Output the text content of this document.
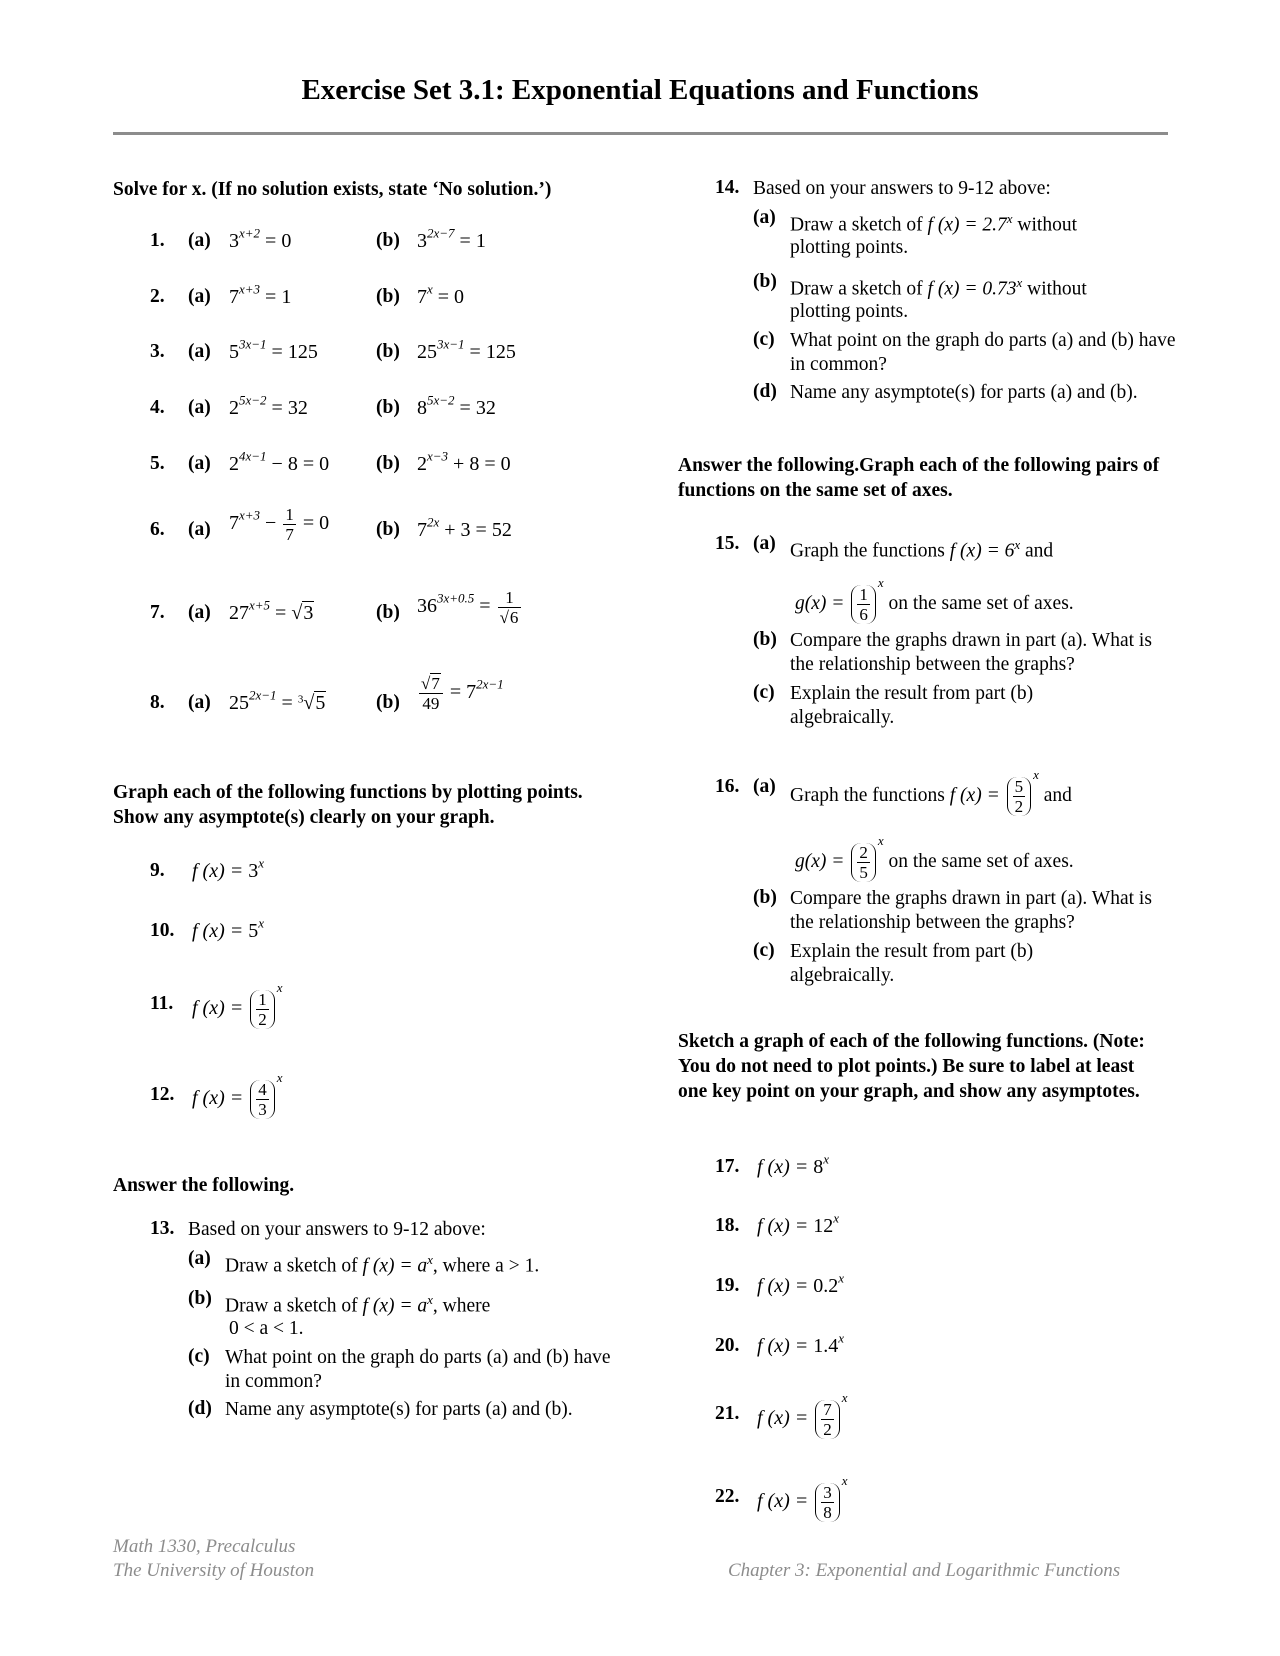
Exercise Set 3.1: Exponential Equations and Functions
Solve for x. (If no solution exists, state ‘No solution.’)
1. (a) $3^{x+2} = 0$	(b) $3^{2x-7} = 1$
2. (a) $7^{x+3} = 1$	(b) $7^x = 0$
3. (a) $5^{3x-1} = 125$	(b) $25^{3x-1} = 125$
4. (a) $2^{5x-2} = 32$	(b) $8^{5x-2} = 32$
5. (a) $2^{4x-1} - 8 = 0$ (b) $2^{x-3} + 8 = 0$
6. (a) $7^{x+3} - \frac{1}{7} = 0$ (b) $7^{2x} + 3 = 52$
7. (a) $27^{x+5} = √3$	(b) $36^{3x+0.5} = \frac{1}{√6}$
8. (a) $25^{2x-1} = ^3√5$	$(b) \frac{√7}{49} = 7^{2x-1}$
Graph each of the following functions by plotting points. Show any asymptote(s) clearly on your graph.
9. f $(x) = 3^x$
10. f $(x) = 5^x$
11. f $(x) = \frac{1}{2}$
$^x$
12. f $(x) = \frac{4}{3}$
$^x$
Answer the following.
13. Based on your answers to 9-12 above:
(a) Draw a sketch of f $(x) = a^x$, where a > 1.
(b) Draw a sketch of f $(x) = a^x$, where
0 < a < 1.
(c) What point on the graph do parts (a) and (b) have in common?
(d) Name any asymptote(s) for parts (a) and (b).
14. Based on your answers to 9-12 above:
(a) Draw a sketch of f $(x) = 2.7^x$ without
plotting points.
(b) Draw a sketch of f $(x) = 0.73^x$ without
plotting points.
(c) What point on the graph do parts (a) and (b) have in common?
(d) Name any asymptote(s) for parts (a) and (b).
Answer the following.Graph each of the following pairs of functions on the same set of axes.
15. (a) Graph the functions f $(x) = 6^x$ and
$g(x) = \frac{1}{6}$
$^x$ on the same set of axes.
(b) Compare the graphs drawn in part (a). What is the relationship between the graphs?
(c) Explain the result from part (b) algebraically.
16. (a) Graph the functions f $(x) = \frac{5}{2}$
$^x$ and
$g(x) = \frac{2}{5}$
$^x$ on the same set of axes.
(b) Compare the graphs drawn in part (a). What is the relationship between the graphs?
(c) Explain the result from part (b) algebraically.
Sketch a graph of each of the following functions. (Note: You do not need to plot points.) Be sure to label at least one key point on your graph, and show any asymptotes.
17. f $(x) = 8^x$
18. f $(x) = 12^x$
19. f $(x) = 0.2^x$
20. f $(x) = 1.4^x$
21. f $(x) = \frac{7}{2}$
$^x$
22. f $(x) = \frac{3}{8}$
$^x$
Math 1330, Precalculus
The University of Houston	Chapter 3: Exponential and Logarithmic Functions
